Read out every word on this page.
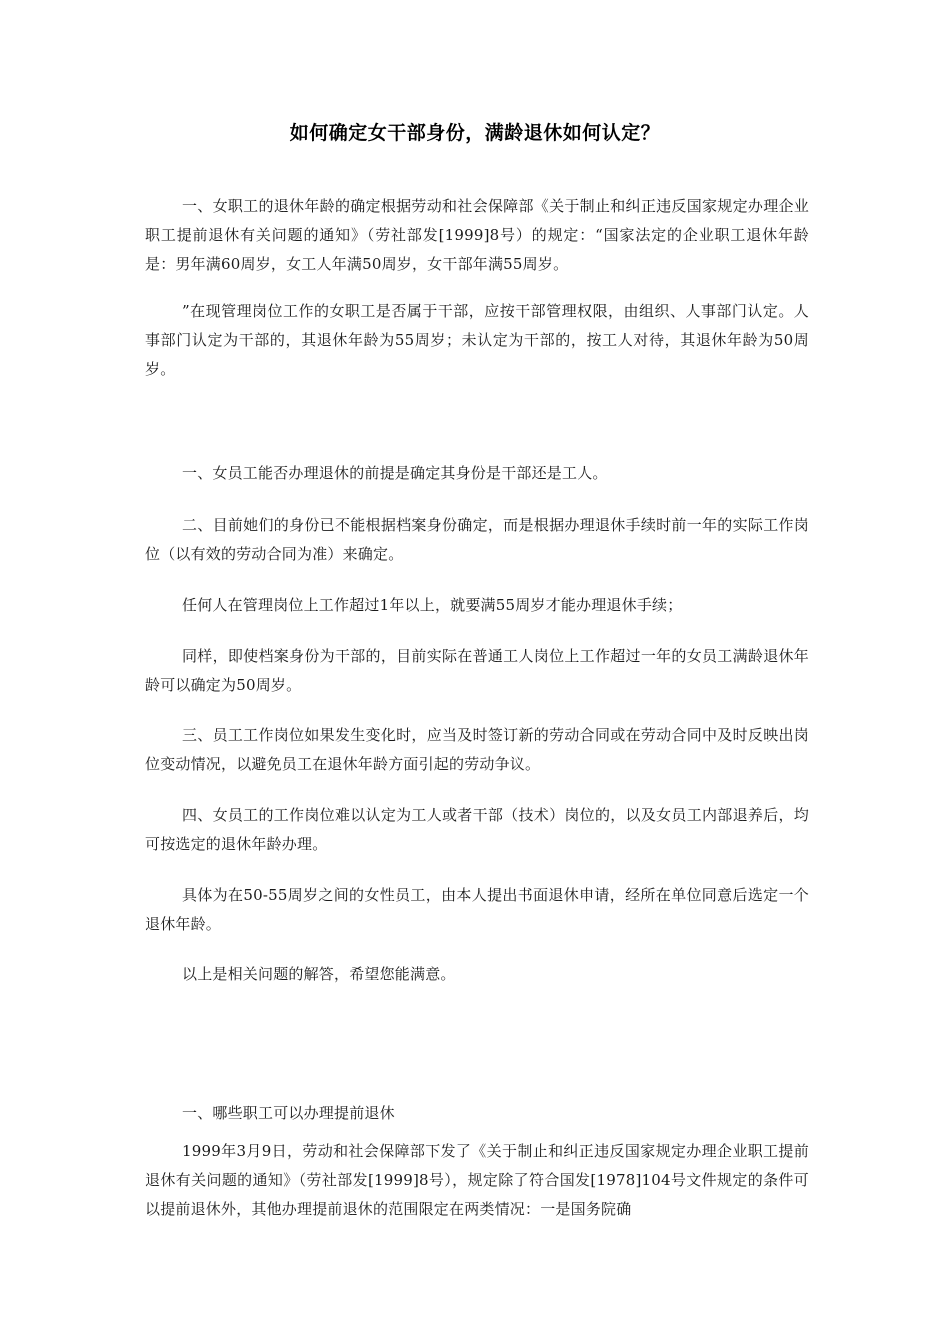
如何确定女干部身份，满龄退休如何认定？

一、女职工的退休年龄的确定根据劳动和社会保障部《关于制止和纠正违反国家规定办理企业职工提前退休有关问题的通知》（劳社部发[1999]8号）的规定：“国家法定的企业职工退休年龄是：男年满60周岁，女工人年满50周岁，女干部年满55周岁。

”在现管理岗位工作的女职工是否属于干部，应按干部管理权限，由组织、人事部门认定。人事部门认定为干部的，其退休年龄为55周岁；未认定为干部的，按工人对待，其退休年龄为50周岁。

一、女员工能否办理退休的前提是确定其身份是干部还是工人。

二、目前她们的身份已不能根据档案身份确定，而是根据办理退休手续时前一年的实际工作岗位（以有效的劳动合同为准）来确定。

任何人在管理岗位上工作超过1年以上，就要满55周岁才能办理退休手续；

同样，即使档案身份为干部的，目前实际在普通工人岗位上工作超过一年的女员工满龄退休年龄可以确定为50周岁。

三、员工工作岗位如果发生变化时，应当及时签订新的劳动合同或在劳动合同中及时反映出岗位变动情况，以避免员工在退休年龄方面引起的劳动争议。

四、女员工的工作岗位难以认定为工人或者干部（技术）岗位的，以及女员工内部退养后，均可按选定的退休年龄办理。

具体为在50-55周岁之间的女性员工，由本人提出书面退休申请，经所在单位同意后选定一个退休年龄。

以上是相关问题的解答，希望您能满意。

一、哪些职工可以办理提前退休

1999年3月9日，劳动和社会保障部下发了《关于制止和纠正违反国家规定办理企业职工提前退休有关问题的通知》（劳社部发[1999]8号），规定除了符合国发[1978]104号文件规定的条件可以提前退休外，其他办理提前退休的范围限定在两类情况：一是国务院确
